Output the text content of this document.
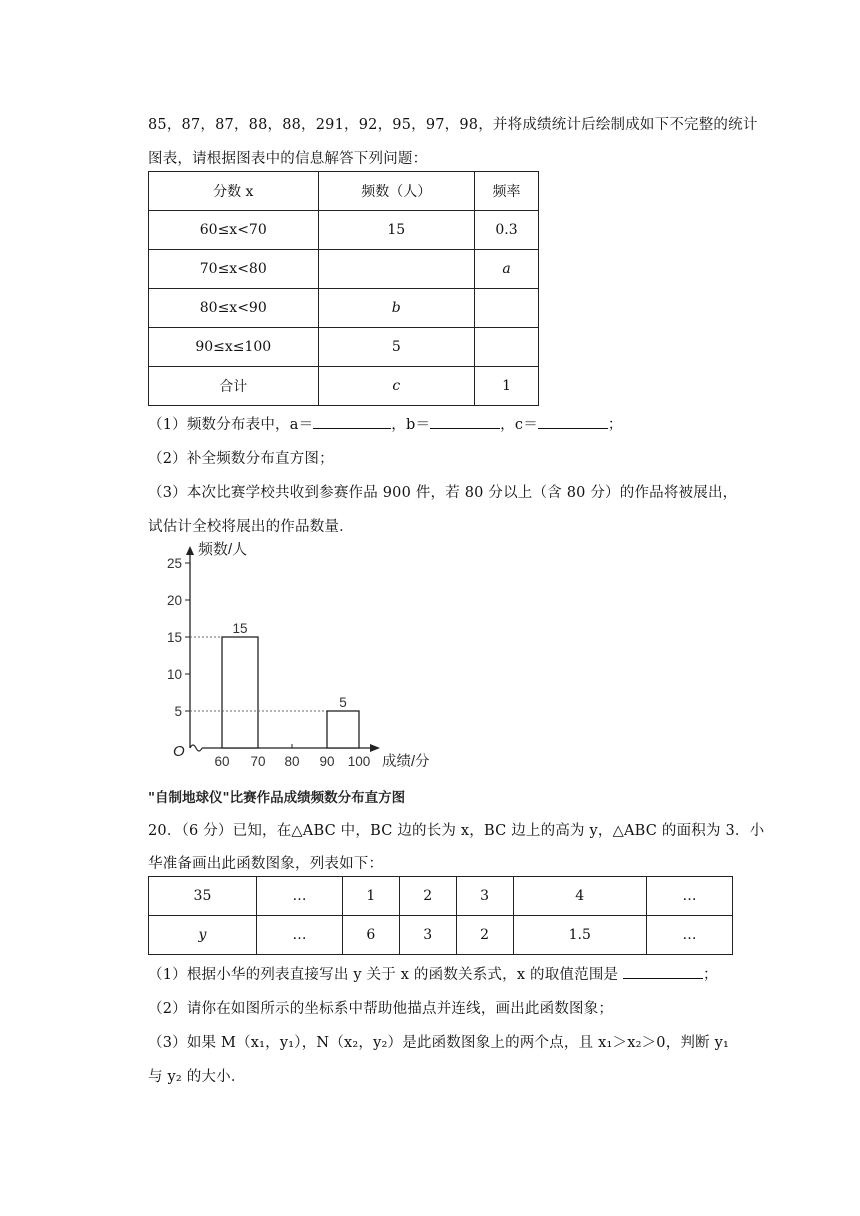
85，87，87，88，88，291，92，95，97，98，并将成绩统计后绘制成如下不完整的统计
图表，请根据图表中的信息解答下列问题：
分数 x	频数（人）	频率
60≤x<70	15	0.3
70≤x<80		a
80≤x<90	b	
90≤x≤100	5	
合计	c	1
（1）频数分布表中，a＝	，b＝	，c＝	；
（2）补全频数分布直方图；
（3）本次比赛学校共收到参赛作品 900 件，若 80 分以上（含 80 分）的作品将被展出，
试估计全校将展出的作品数量．
O
频数/人
成绩/分
5
10
15
20
25
60 70 80 90 100
15
5
"自制地球仪"比赛作品成绩频数分布直方图
20．（6 分）已知，在△ABC 中，BC 边的长为 x，BC 边上的高为 y，△ABC 的面积为 3．小
华准备画出此函数图象，列表如下：
35	…	1	2	3	4	…
y	…	6	3	2	1.5	…
（1）根据小华的列表直接写出 y 关于 x 的函数关系式，x 的取值范围是	；
（2）请你在如图所示的坐标系中帮助他描点并连线，画出此函数图象；
（3）如果 M（x₁，y₁），N（x₂，y₂）是此函数图象上的两个点，且 x₁＞x₂＞0，判断 y₁
与 y₂ 的大小．
